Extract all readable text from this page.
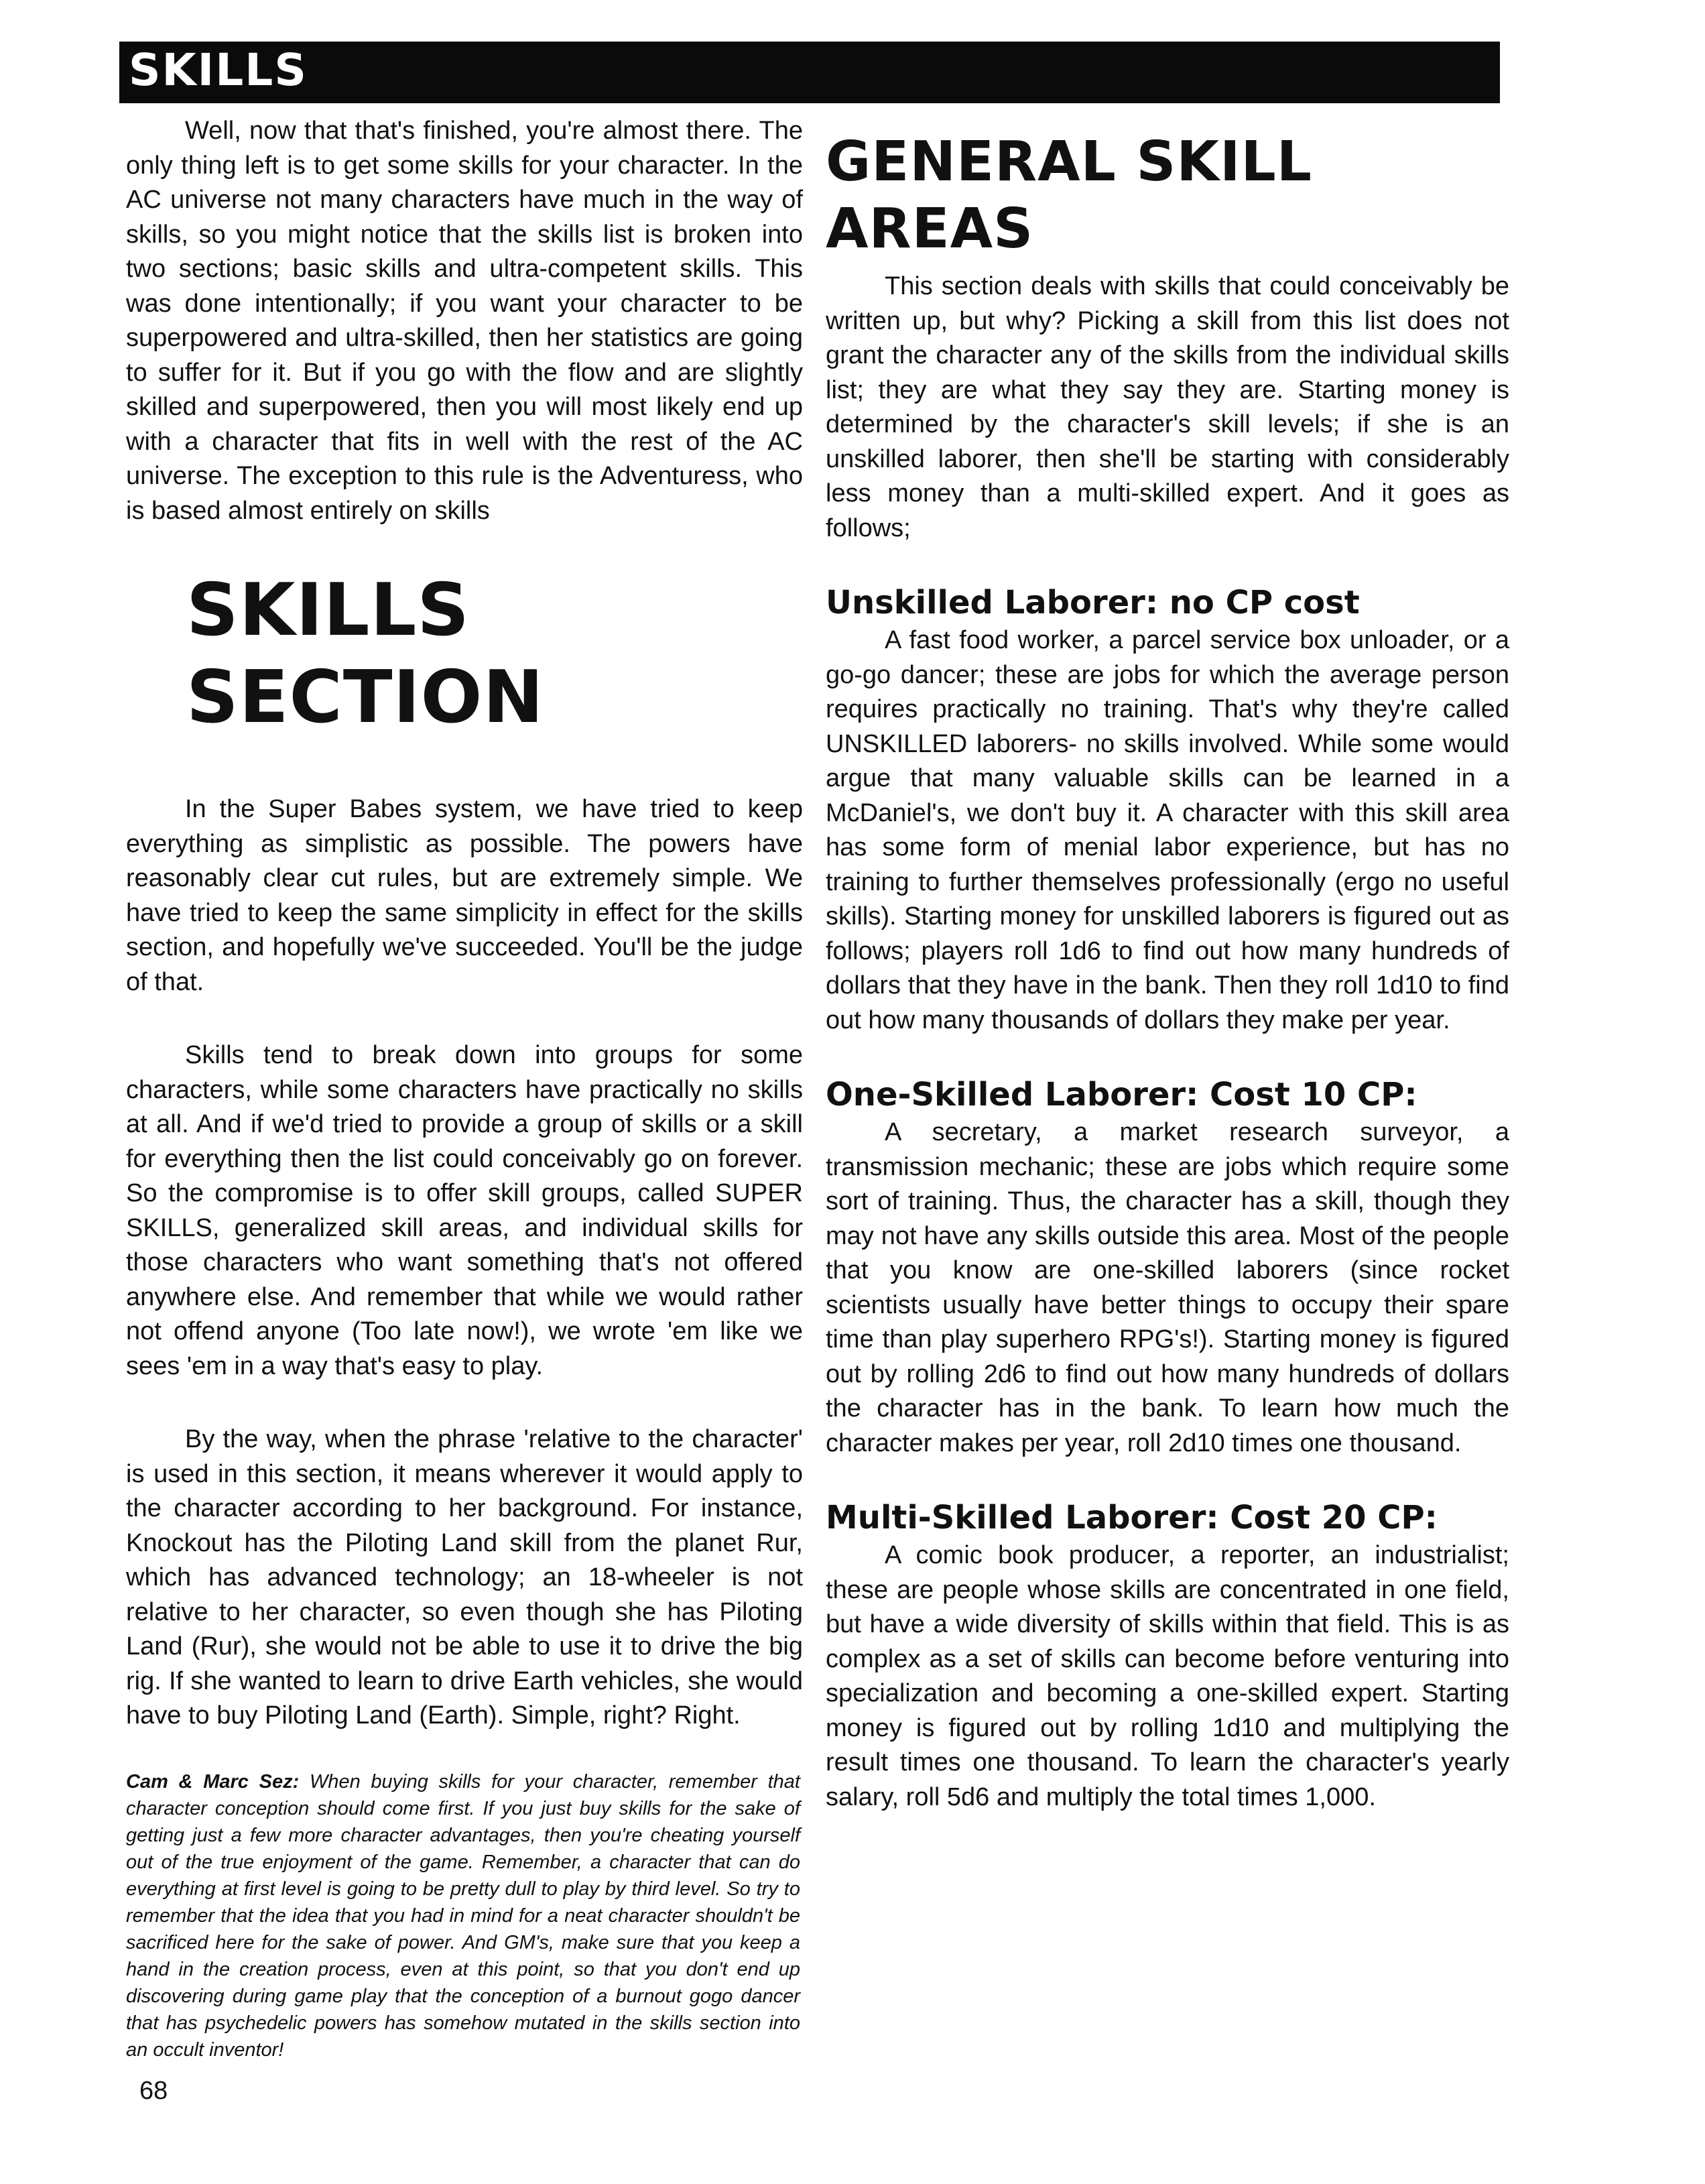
SKILLS

Well, now that that's finished, you're almost there. The only thing left is to get some skills for your character. In the AC universe not many characters have much in the way of skills, so you might notice that the skills list is broken into two sections; basic skills and ultra-competent skills. This was done intentionally; if you want your character to be superpowered and ultra-skilled, then her statistics are going to suffer for it. But if you go with the flow and are slightly skilled and superpowered, then you will most likely end up with a character that fits in well with the rest of the AC universe. The exception to this rule is the Adventuress, who is based almost entirely on skills

SKILLS SECTION

In the Super Babes system, we have tried to keep everything as simplistic as possible. The powers have reasonably clear cut rules, but are extremely simple. We have tried to keep the same simplicity in effect for the skills section, and hopefully we've succeeded. You'll be the judge of that.

Skills tend to break down into groups for some characters, while some characters have practically no skills at all. And if we'd tried to provide a group of skills or a skill for everything then the list could conceivably go on forever. So the compromise is to offer skill groups, called SUPER SKILLS, generalized skill areas, and individual skills for those characters who want something that's not offered anywhere else. And remember that while we would rather not offend anyone (Too late now!), we wrote 'em like we sees 'em in a way that's easy to play.

By the way, when the phrase 'relative to the character' is used in this section, it means wherever it would apply to the character according to her background. For instance, Knockout has the Piloting Land skill from the planet Rur, which has advanced technology; an 18-wheeler is not relative to her character, so even though she has Piloting Land (Rur), she would not be able to use it to drive the big rig. If she wanted to learn to drive Earth vehicles, she would have to buy Piloting Land (Earth). Simple, right? Right.

Cam & Marc Sez: When buying skills for your character, remember that character conception should come first. If you just buy skills for the sake of getting just a few more character advantages, then you're cheating yourself out of the true enjoyment of the game. Remember, a character that can do everything at first level is going to be pretty dull to play by third level. So try to remember that the idea that you had in mind for a neat character shouldn't be sacrificed here for the sake of power. And GM's, make sure that you keep a hand in the creation process, even at this point, so that you don't end up discovering during game play that the conception of a burnout gogo dancer that has psychedelic powers has somehow mutated in the skills section into an occult inventor!
GENERAL SKILL AREAS

This section deals with skills that could conceivably be written up, but why? Picking a skill from this list does not grant the character any of the skills from the individual skills list; they are what they say they are. Starting money is determined by the character's skill levels; if she is an unskilled laborer, then she'll be starting with considerably less money than a multi-skilled expert. And it goes as follows;

Unskilled Laborer: no CP cost

A fast food worker, a parcel service box unloader, or a go-go dancer; these are jobs for which the average person requires practically no training. That's why they're called UNSKILLED laborers- no skills involved. While some would argue that many valuable skills can be learned in a McDaniel's, we don't buy it. A character with this skill area has some form of menial labor experience, but has no training to further themselves professionally (ergo no useful skills). Starting money for unskilled laborers is figured out as follows; players roll 1d6 to find out how many hundreds of dollars that they have in the bank. Then they roll 1d10 to find out how many thousands of dollars they make per year.

One-Skilled Laborer: Cost 10 CP:

A secretary, a market research surveyor, a transmission mechanic; these are jobs which require some sort of training. Thus, the character has a skill, though they may not have any skills outside this area. Most of the people that you know are one-skilled laborers (since rocket scientists usually have better things to occupy their spare time than play superhero RPG's!). Starting money is figured out by rolling 2d6 to find out how many hundreds of dollars the character has in the bank. To learn how much the character makes per year, roll 2d10 times one thousand.

Multi-Skilled Laborer: Cost 20 CP:

A comic book producer, a reporter, an industrialist; these are people whose skills are concentrated in one field, but have a wide diversity of skills within that field. This is as complex as a set of skills can become before venturing into specialization and becoming a one-skilled expert. Starting money is figured out by rolling 1d10 and multiplying the result times one thousand. To learn the character's yearly salary, roll 5d6 and multiply the total times 1,000.

68
